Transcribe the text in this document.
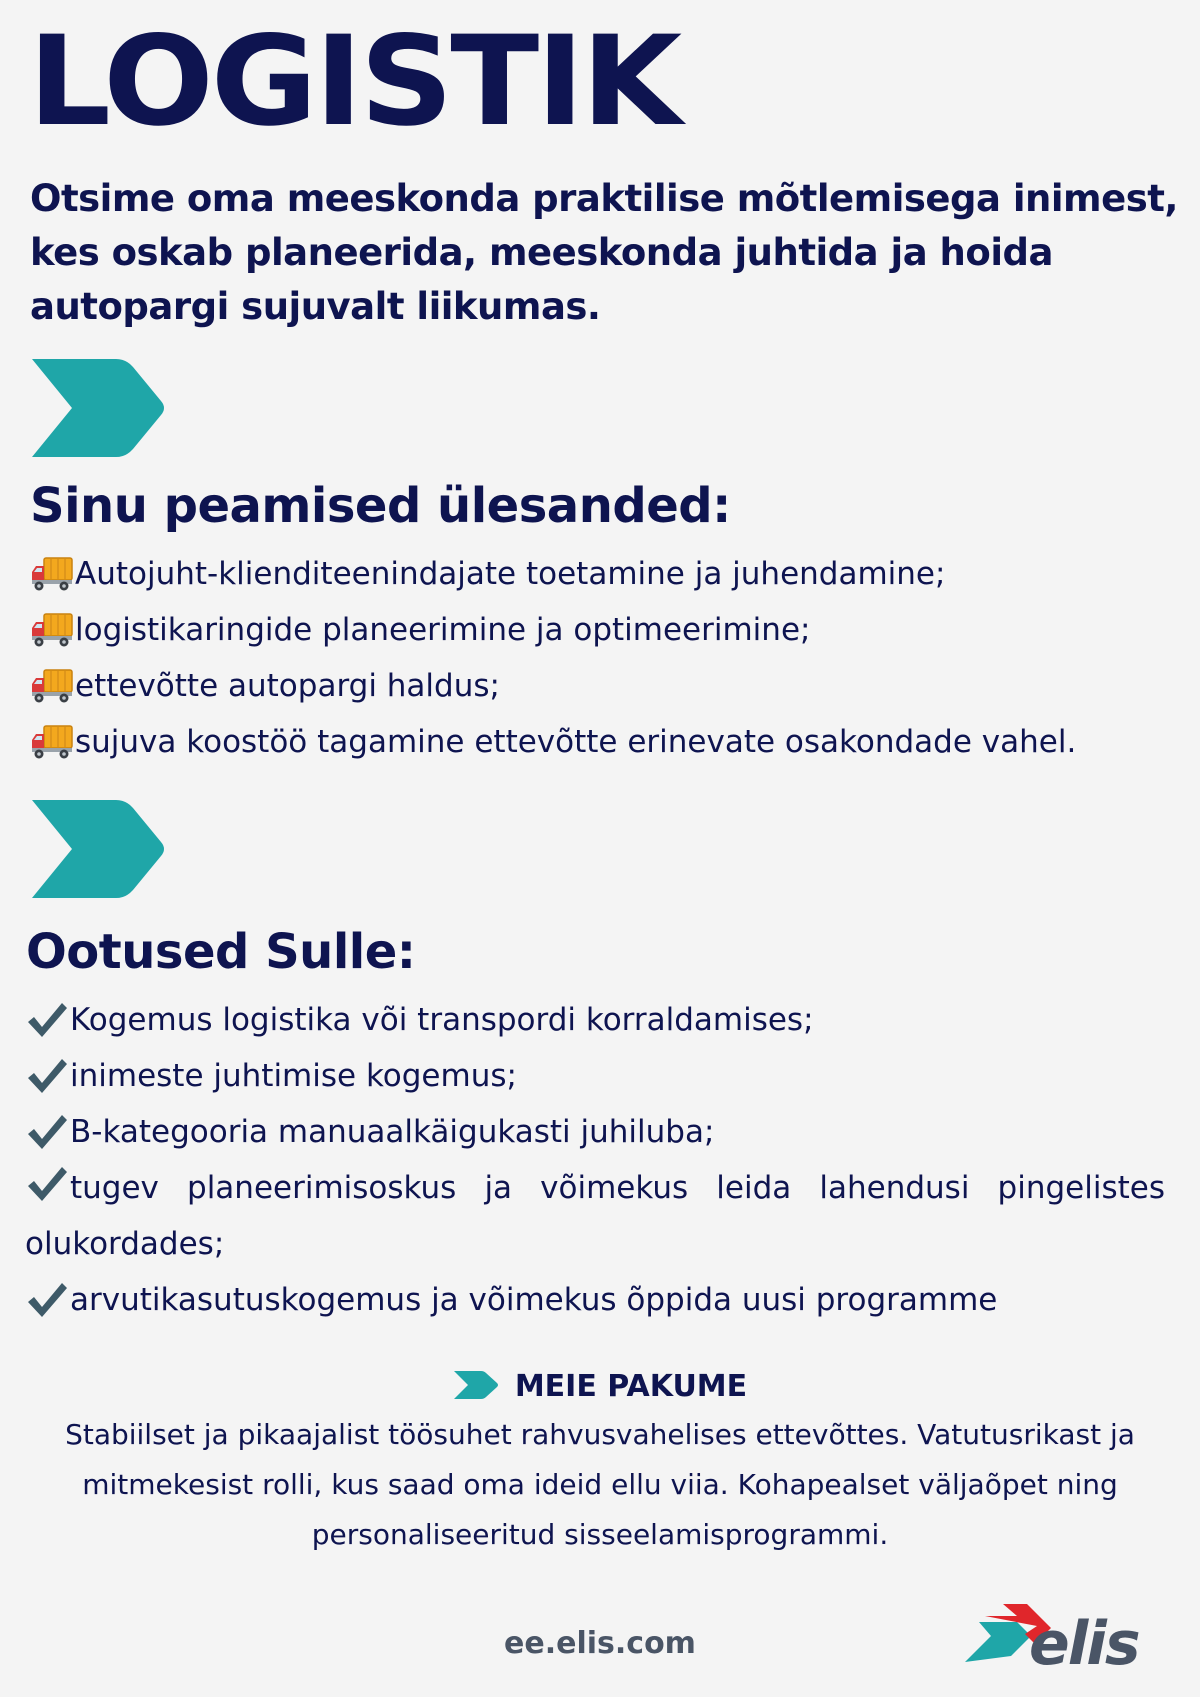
LOGISTIK
Otsime oma meeskonda praktilise mõtlemisega inimest, kes oskab planeerida, meeskonda juhtida ja hoida autopargi sujuvalt liikumas.
Sinu peamised ülesanded:
Autojuht-klienditeenindajate toetamine ja juhendamine;
logistikaringide planeerimine ja optimeerimine;
ettevõtte autopargi haldus;
sujuva koostöö tagamine ettevõtte erinevate osakondade vahel.
Ootused Sulle:
Kogemus logistika või transpordi korraldamises;
inimeste juhtimise kogemus;
B-kategooria manuaalkäigukasti juhiluba;
tugev planeerimisoskus ja võimekus leida lahendusi pingelistes olukordades;
arvutikasutuskogemus ja võimekus õppida uusi programme
MEIE PAKUME
Stabiilset ja pikaajalist töösuhet rahvusvahelises ettevõttes. Vatutusrikast ja mitmekesist rolli, kus saad oma ideid ellu viia. Kohapealset väljaõpet ning personaliseeritud sisseelamisprogrammi.
ee.elis.com	elis
